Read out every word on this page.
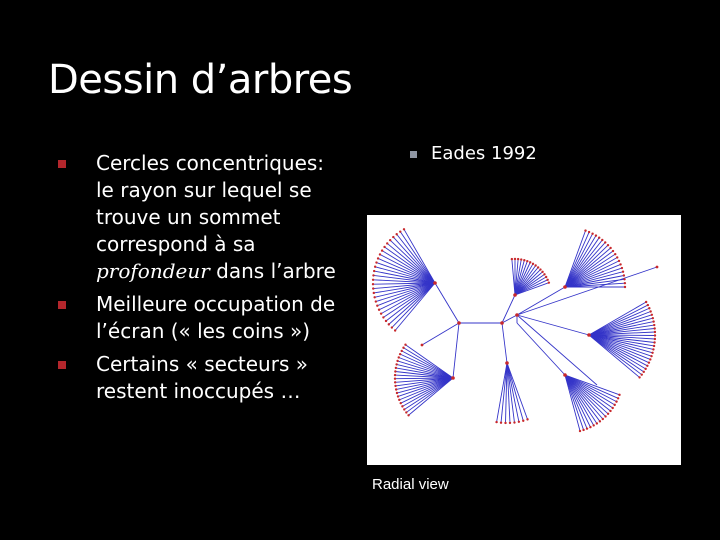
Dessin d’arbres
Cercles concentriques: le rayon sur lequel se trouve un sommet correspond à sa profondeur dans l’arbre
Meilleure occupation de l’écran (« les coins »)
Certains « secteurs » restent inoccupés …
Eades 1992
Radial view
